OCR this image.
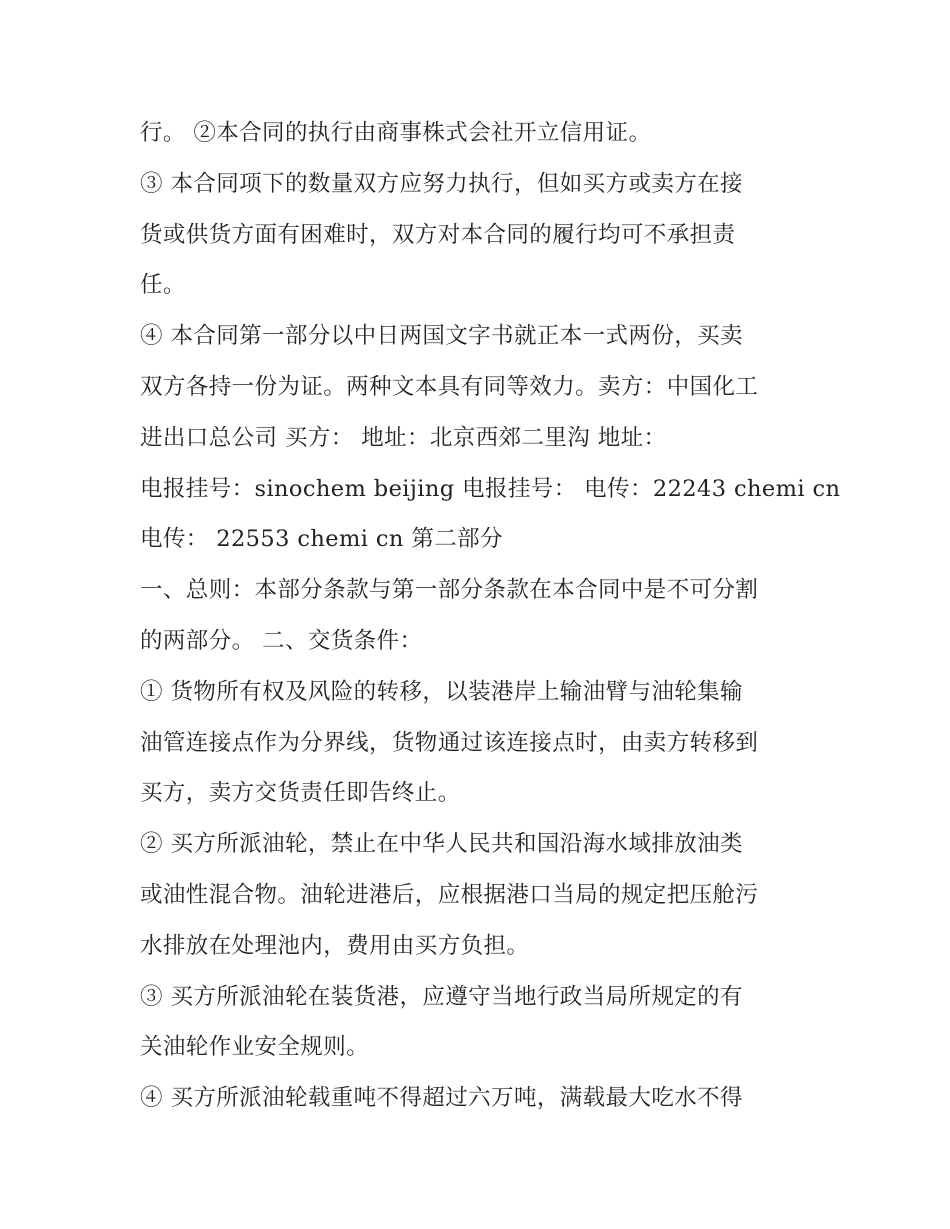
行。 ②本合同的执行由商事株式会社开立信用证。
③ 本合同项下的数量双方应努力执行，但如买方或卖方在接
货或供货方面有困难时，双方对本合同的履行均可不承担责
任。
④ 本合同第一部分以中日两国文字书就正本一式两份，买卖
双方各持一份为证。两种文本具有同等效力。卖方：中国化工
进出口总公司 买方： 地址：北京西郊二里沟 地址：
电报挂号：sinochem beijing 电报挂号： 电传：22243 chemi cn
电传： 22553 chemi cn 第二部分
一、总则：本部分条款与第一部分条款在本合同中是不可分割
的两部分。 二、交货条件：
① 货物所有权及风险的转移，以装港岸上输油臂与油轮集输
油管连接点作为分界线，货物通过该连接点时，由卖方转移到
买方，卖方交货责任即告终止。
② 买方所派油轮，禁止在中华人民共和国沿海水域排放油类
或油性混合物。油轮进港后，应根据港口当局的规定把压舱污
水排放在处理池内，费用由买方负担。
③ 买方所派油轮在装货港，应遵守当地行政当局所规定的有
关油轮作业安全规则。
④ 买方所派油轮载重吨不得超过六万吨，满载最大吃水不得
